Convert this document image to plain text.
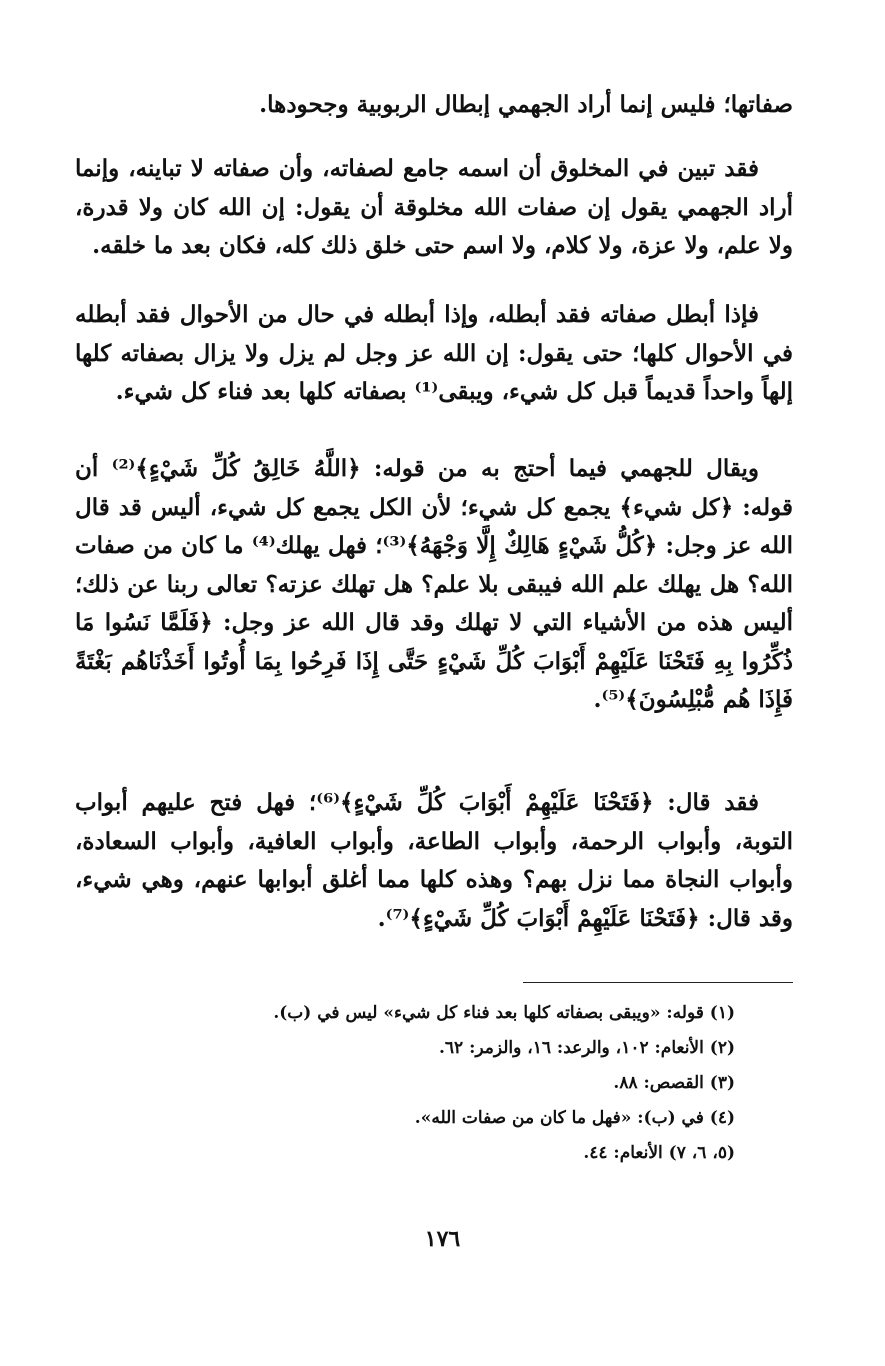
صفاتها؛ فليس إنما أراد الجهمي إبطال الربوبية وجحودها.

فقد تبين في المخلوق أن اسمه جامع لصفاته، وأن صفاته لا تباينه، وإنما أراد الجهمي يقول إن صفات الله مخلوقة أن يقول: إن الله كان ولا قدرة، ولا علم، ولا عزة، ولا كلام، ولا اسم حتى خلق ذلك كله، فكان بعد ما خلقه.

فإذا أبطل صفاته فقد أبطله، وإذا أبطله في حال من الأحوال فقد أبطله في الأحوال كلها؛ حتى يقول: إن الله عز وجل لم يزل ولا يزال بصفاته كلها إلهاً واحداً قديماً قبل كل شيء، ويبقى⁽¹⁾ بصفاته كلها بعد فناء كل شيء.

ويقال للجهمي فيما أحتج به من قوله: ﴿اللَّهُ خَالِقُ كُلِّ شَيْءٍ﴾⁽²⁾ أن قوله: ﴿كل شيء﴾ يجمع كل شيء؛ لأن الكل يجمع كل شيء، أليس قد قال الله عز وجل: ﴿كُلُّ شَيْءٍ هَالِكٌ إِلَّا وَجْهَهُ﴾⁽³⁾؛ فهل يهلك⁽⁴⁾ ما كان من صفات الله؟ هل يهلك علم الله فيبقى بلا علم؟ هل تهلك عزته؟ تعالى ربنا عن ذلك؛ أليس هذه من الأشياء التي لا تهلك وقد قال الله عز وجل: ﴿فَلَمَّا نَسُوا مَا ذُكِّرُوا بِهِ فَتَحْنَا عَلَيْهِمْ أَبْوَابَ كُلِّ شَيْءٍ حَتَّى إِذَا فَرِحُوا بِمَا أُوتُوا أَخَذْنَاهُم بَغْتَةً فَإِذَا هُم مُّبْلِسُونَ﴾⁽⁵⁾.

فقد قال: ﴿فَتَحْنَا عَلَيْهِمْ أَبْوَابَ كُلِّ شَيْءٍ﴾⁽⁶⁾؛ فهل فتح عليهم أبواب التوبة، وأبواب الرحمة، وأبواب الطاعة، وأبواب العافية، وأبواب السعادة، وأبواب النجاة مما نزل بهم؟ وهذه كلها مما أغلق أبوابها عنهم، وهي شيء، وقد قال: ﴿فَتَحْنَا عَلَيْهِمْ أَبْوَابَ كُلِّ شَيْءٍ﴾⁽⁷⁾.

(١) قوله: «ويبقى بصفاته كلها بعد فناء كل شيء» ليس في (ب).

(٢) الأنعام: ١٠٢، والرعد: ١٦، والزمر: ٦٢.

(٣) القصص: ٨٨.

(٤) في (ب): «فهل ما كان من صفات الله».

(٥، ٦، ٧) الأنعام: ٤٤.

١٧٦
